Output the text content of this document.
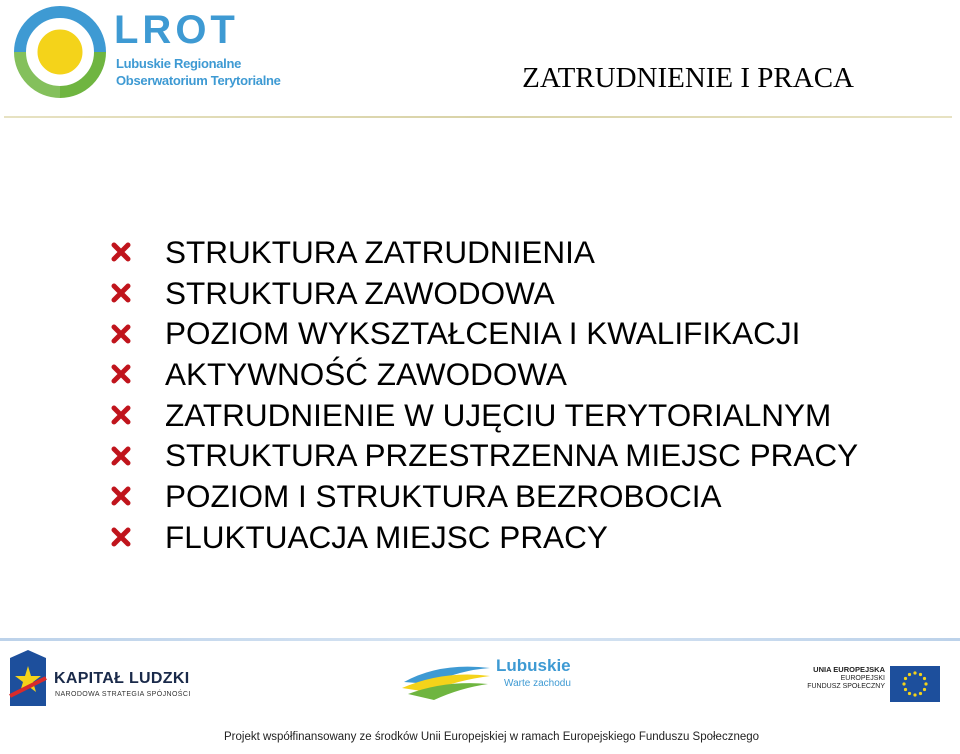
LROT
Lubuskie Regionalne
Obserwatorium Terytorialne	ZATRUDNIENIE I PRACA
STRUKTURA ZATRUDNIENIA
STRUKTURA ZAWODOWA
POZIOM WYKSZTAŁCENIA I KWALIFIKACJI
AKTYWNOŚĆ ZAWODOWA
ZATRUDNIENIE W UJĘCIU TERYTORIALNYM
STRUKTURA PRZESTRZENNA MIEJSC PRACY
POZIOM I STRUKTURA BEZROBOCIA
FLUKTUACJA MIEJSC PRACY
KAPITAŁ LUDZKI
NARODOWA STRATEGIA SPÓJNOŚCI
Lubuskie
Warte zachodu
UNIA EUROPEJSKA
EUROPEJSKI
FUNDUSZ SPOŁECZNY
Projekt współfinansowany ze środków Unii Europejskiej w ramach Europejskiego Funduszu Społecznego
